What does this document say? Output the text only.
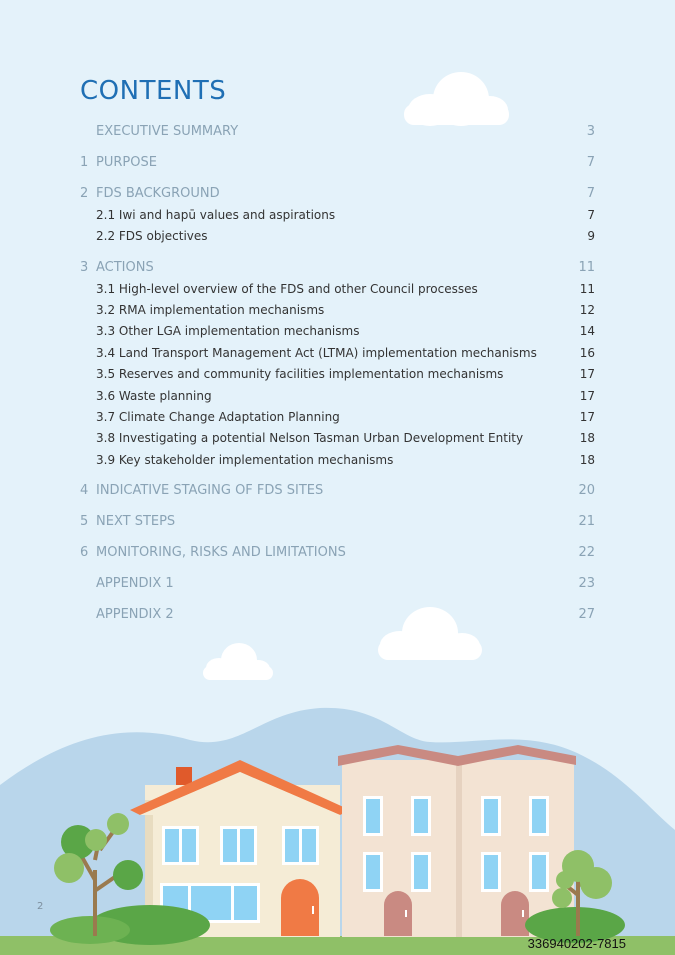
CONTENTS
EXECUTIVE SUMMARY	3
1 PURPOSE	7
2 FDS BACKGROUND	7
2.1 Iwi and hapū values and aspirations	7
2.2 FDS objectives	9
3 ACTIONS	11
3.1 High-level overview of the FDS and other Council processes	11
3.2 RMA implementation mechanisms	12
3.3 Other LGA implementation mechanisms	14
3.4 Land Transport Management Act (LTMA) implementation mechanisms	16
3.5 Reserves and community facilities implementation mechanisms	17
3.6 Waste planning	17
3.7 Climate Change Adaptation Planning	17
3.8 Investigating a potential Nelson Tasman Urban Development Entity	18
3.9 Key stakeholder implementation mechanisms	18
4 INDICATIVE STAGING OF FDS SITES	20
5 NEXT STEPS	21
6 MONITORING, RISKS AND LIMITATIONS	22
APPENDIX 1	23
APPENDIX 2	27
2
336940202-7815
